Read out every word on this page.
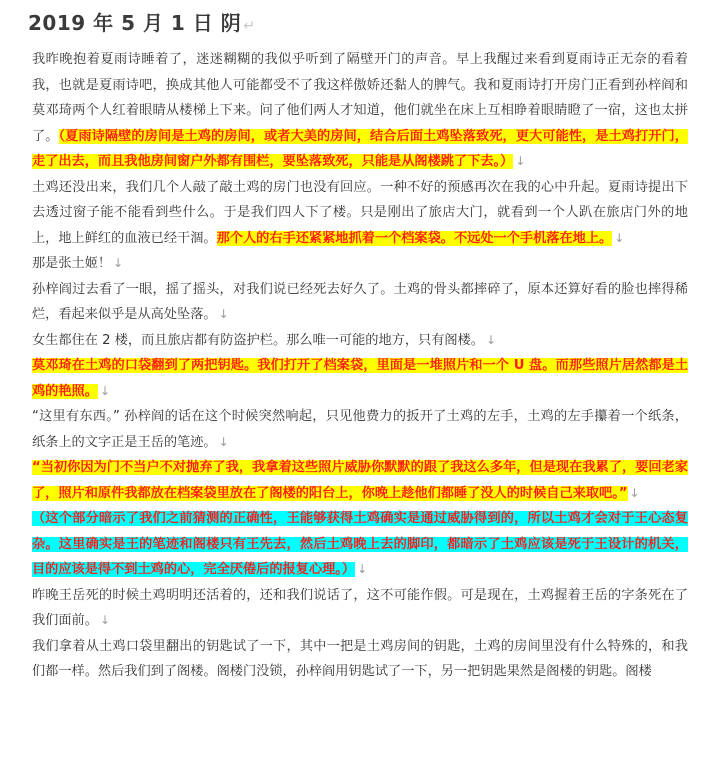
2019 年 5 月 1 日 阴 ↵

我昨晚抱着夏雨诗睡着了，迷迷糊糊的我似乎听到了隔壁开门的声音。早上我醒过来看到夏雨诗正无奈的看着我，也就是夏雨诗吧，换成其他人可能都受不了我这样傲娇还黏人的脾气。我和夏雨诗打开房门正看到孙梓阎和莫邓琦两个人红着眼睛从楼梯上下来。问了他们两人才知道，他们就坐在床上互相睁着眼睛瞪了一宿，这也太拼了。（夏雨诗隔壁的房间是土鸡的房间，或者大美的房间，结合后面土鸡坠落致死，更大可能性，是土鸡打开门，走了出去，而且我他房间窗户外都有围栏，要坠落致死，只能是从阁楼跳了下去。） ↓

土鸡还没出来，我们几个人敲了敲土鸡的房门也没有回应。一种不好的预感再次在我的心中升起。夏雨诗提出下去透过窗子能不能看到些什么。于是我们四人下了楼。只是刚出了旅店大门，就看到一个人趴在旅店门外的地上，地上鲜红的血液已经干涸。那个人的右手还紧紧地抓着一个档案袋。不远处一个手机落在地上。 ↓

那是张土姬！ ↓

孙梓阎过去看了一眼，摇了摇头，对我们说已经死去好久了。土鸡的骨头都摔碎了，原本还算好看的脸也摔得稀烂，看起来似乎是从高处坠落。 ↓

女生都住在 2 楼，而且旅店都有防盗护栏。那么唯一可能的地方，只有阁楼。 ↓

莫邓琦在土鸡的口袋翻到了两把钥匙。我们打开了档案袋，里面是一堆照片和一个 U 盘。而那些照片居然都是土鸡的艳照。 ↓

“这里有东西。” 孙梓阎的话在这个时候突然响起，只见他费力的扳开了土鸡的左手，土鸡的左手攥着一个纸条，纸条上的文字正是王岳的笔迹。 ↓

“当初你因为门不当户不对抛弃了我，我拿着这些照片威胁你默默的跟了我这么多年，但是现在我累了，要回老家了，照片和原件我都放在档案袋里放在了阁楼的阳台上，你晚上趁他们都睡了没人的时候自己来取吧。” ↓

（这个部分暗示了我们之前猜测的正确性，王能够获得土鸡确实是通过威胁得到的，所以土鸡才会对于王心态复杂。这里确实是王的笔迹和阁楼只有王先去，然后土鸡晚上去的脚印，都暗示了土鸡应该是死于王设计的机关，目的应该是得不到土鸡的心，完全厌倦后的报复心理。） ↓

昨晚王岳死的时候土鸡明明还活着的，还和我们说话了，这不可能作假。可是现在，土鸡握着王岳的字条死在了我们面前。 ↓

我们拿着从土鸡口袋里翻出的钥匙试了一下，其中一把是土鸡房间的钥匙，土鸡的房间里没有什么特殊的，和我们都一样。然后我们到了阁楼。阁楼门没锁，孙梓阎用钥匙试了一下，另一把钥匙果然是阁楼的钥匙。阁楼
